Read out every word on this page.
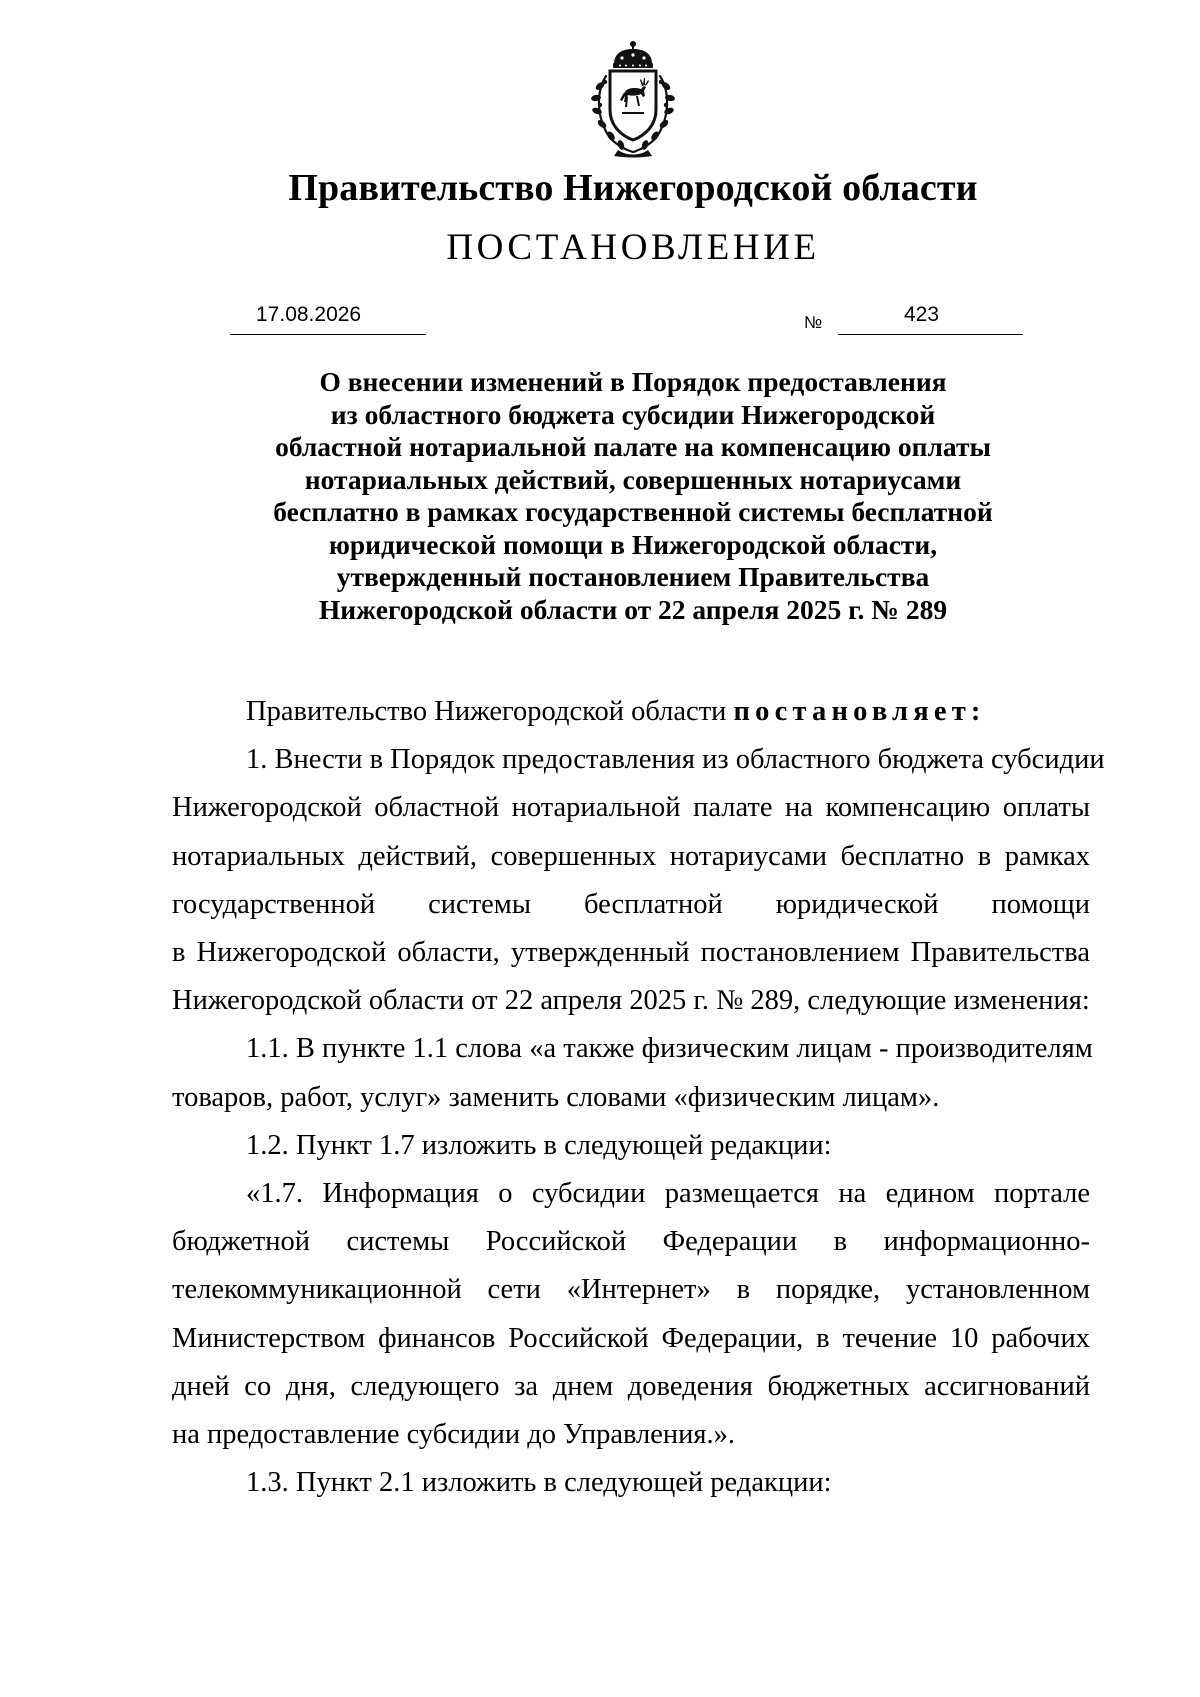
Правительство Нижегородской области
ПОСТАНОВЛЕНИЕ
17.08.2026	№	423
О внесении изменений в Порядок предоставления
из областного бюджета субсидии Нижегородской
областной нотариальной палате на компенсацию оплаты
нотариальных действий, совершенных нотариусами
бесплатно в рамках государственной системы бесплатной
юридической помощи в Нижегородской области,
утвержденный постановлением Правительства
Нижегородской области от 22 апреля 2025 г. № 289
Правительство Нижегородской области постановляет:
1. Внести в Порядок предоставления из областного бюджета субсидии
Нижегородской областной нотариальной палате на компенсацию оплаты
нотариальных действий, совершенных нотариусами бесплатно в рамках
государственной системы бесплатной юридической помощи
в Нижегородской области, утвержденный постановлением Правительства
Нижегородской области от 22 апреля 2025 г. № 289, следующие изменения:
1.1. В пункте 1.1 слова «а также физическим лицам - производителям
товаров, работ, услуг» заменить словами «физическим лицам».
1.2. Пункт 1.7 изложить в следующей редакции:
«1.7. Информация о субсидии размещается на едином портале
бюджетной системы Российской Федерации в информационно-
телекоммуникационной сети «Интернет» в порядке, установленном
Министерством финансов Российской Федерации, в течение 10 рабочих
дней со дня, следующего за днем доведения бюджетных ассигнований
на предоставление субсидии до Управления.».
1.3. Пункт 2.1 изложить в следующей редакции:
